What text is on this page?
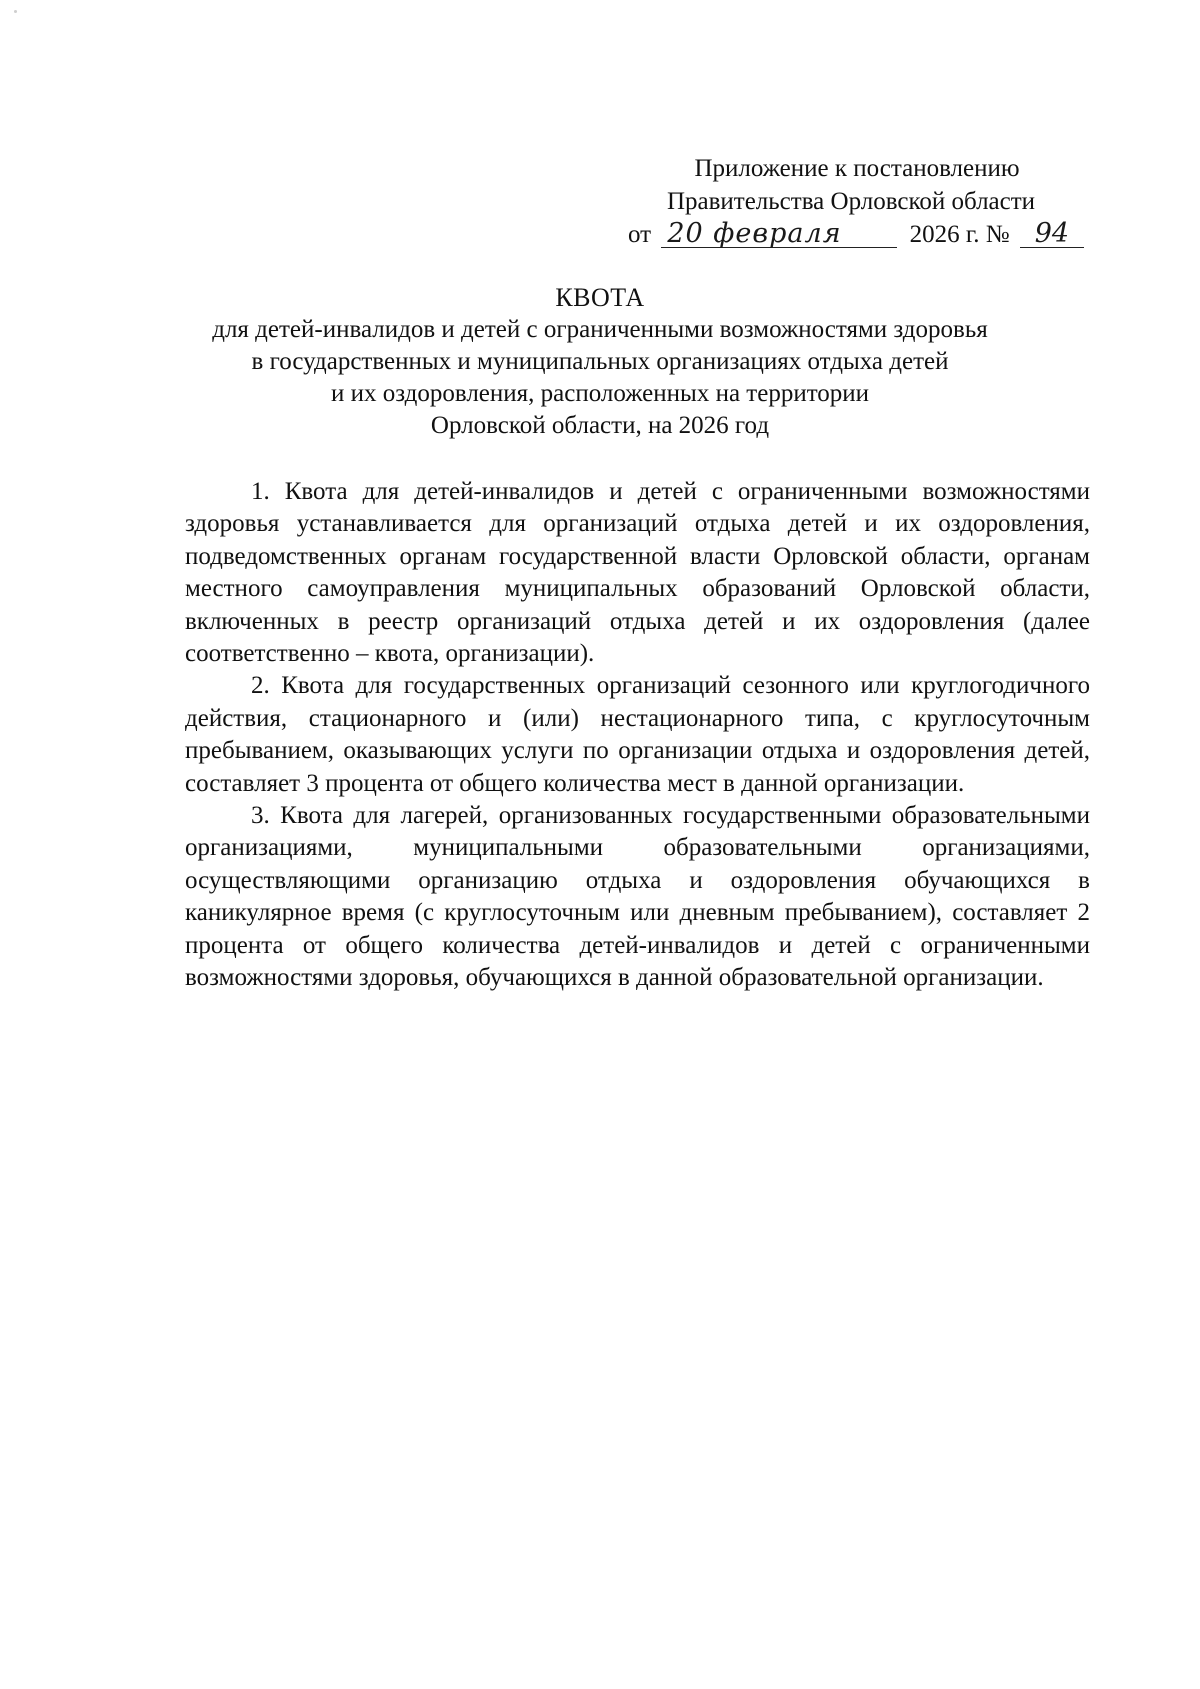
Приложение к постановлению
Правительства Орловской области
от 20 февраля	2026 г. № 94
КВОТА
для детей-инвалидов и детей с ограниченными возможностями здоровья
в государственных и муниципальных организациях отдыха детей
и их оздоровления, расположенных на территории
Орловской области, на 2026 год

1. Квота для детей-инвалидов и детей с ограниченными возможностями здоровья устанавливается для организаций отдыха детей и их оздоровления, подведомственных органам государственной власти Орловской области, органам местного самоуправления муниципальных образований Орловской области, включенных в реестр организаций отдыха детей и их оздоровления (далее соответственно – квота, организации).

2. Квота для государственных организаций сезонного или круглогодичного действия, стационарного и (или) нестационарного типа, с круглосуточным пребыванием, оказывающих услуги по организации отдыха и оздоровления детей, составляет 3 процента от общего количества мест в данной организации.

3. Квота для лагерей, организованных государственными образовательными организациями, муниципальными образовательными организациями, осуществляющими организацию отдыха и оздоровления обучающихся в каникулярное время (с круглосуточным или дневным пребыванием), составляет 2 процента от общего количества детей-инвалидов и детей с ограниченными возможностями здоровья, обучающихся в данной образовательной организации.
